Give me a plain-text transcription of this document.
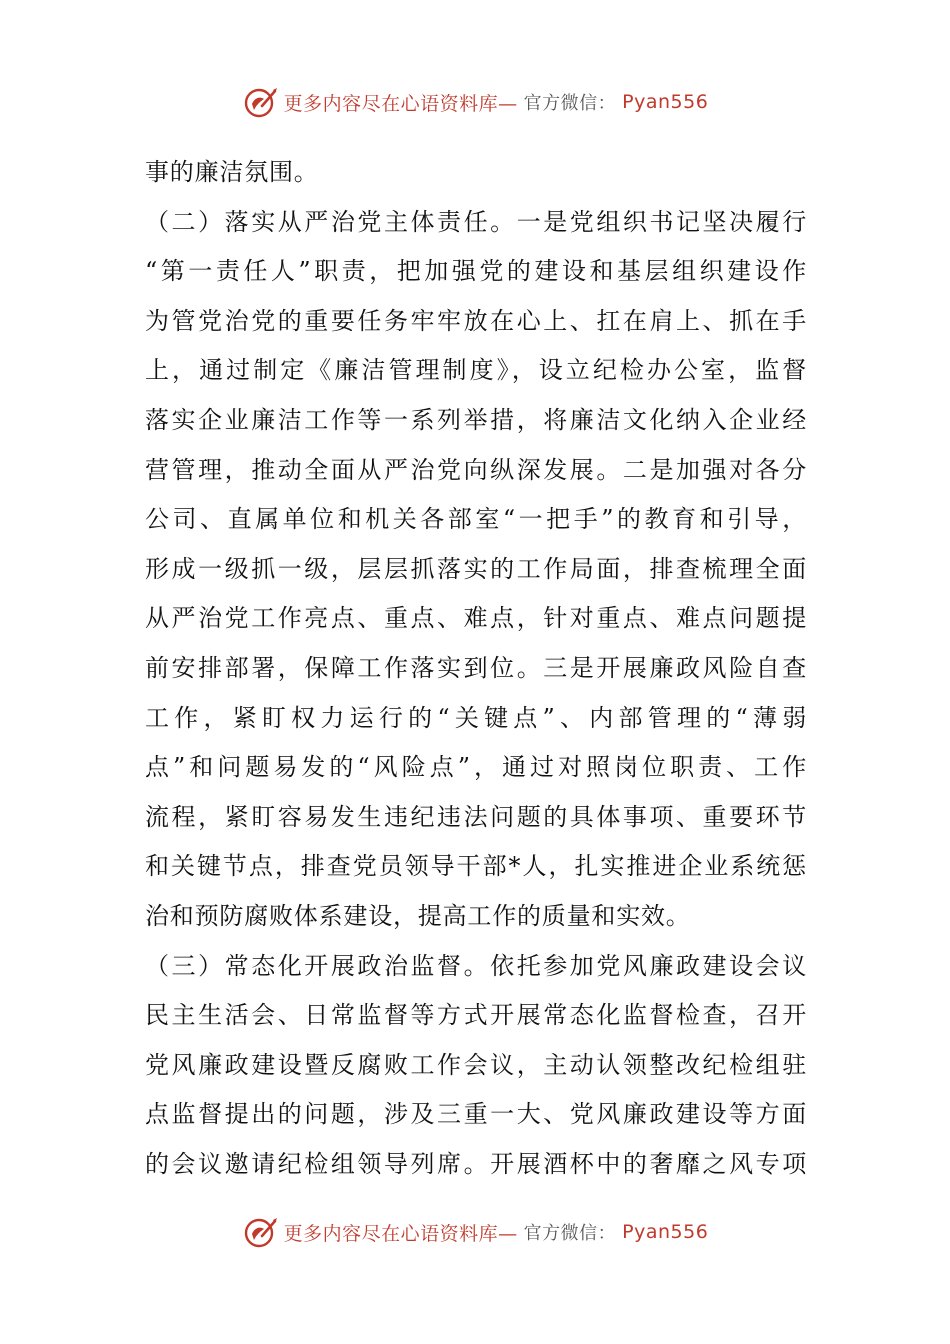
更多内容尽在心语资料库— 官方微信： Pyan556
事的廉洁氛围。
（二）落实从严治党主体责任。一是党组织书记坚决履行
“第一责任人”职责，把加强党的建设和基层组织建设作
为管党治党的重要任务牢牢放在心上、扛在肩上、抓在手
上，通过制定《廉洁管理制度》，设立纪检办公室，监督
落实企业廉洁工作等一系列举措，将廉洁文化纳入企业经
营管理，推动全面从严治党向纵深发展。二是加强对各分
公司、直属单位和机关各部室“一把手”的教育和引导，
形成一级抓一级，层层抓落实的工作局面，排查梳理全面
从严治党工作亮点、重点、难点，针对重点、难点问题提
前安排部署，保障工作落实到位。三是开展廉政风险自查
工作，紧盯权力运行的“关键点”、内部管理的“薄弱
点”和问题易发的“风险点”，通过对照岗位职责、工作
流程，紧盯容易发生违纪违法问题的具体事项、重要环节
和关键节点，排查党员领导干部*人，扎实推进企业系统惩
治和预防腐败体系建设，提高工作的质量和实效。
（三）常态化开展政治监督。依托参加党风廉政建设会议
民主生活会、日常监督等方式开展常态化监督检查，召开
党风廉政建设暨反腐败工作会议，主动认领整改纪检组驻
点监督提出的问题，涉及三重一大、党风廉政建设等方面
的会议邀请纪检组领导列席。开展酒杯中的奢靡之风专项
更多内容尽在心语资料库— 官方微信： Pyan556
